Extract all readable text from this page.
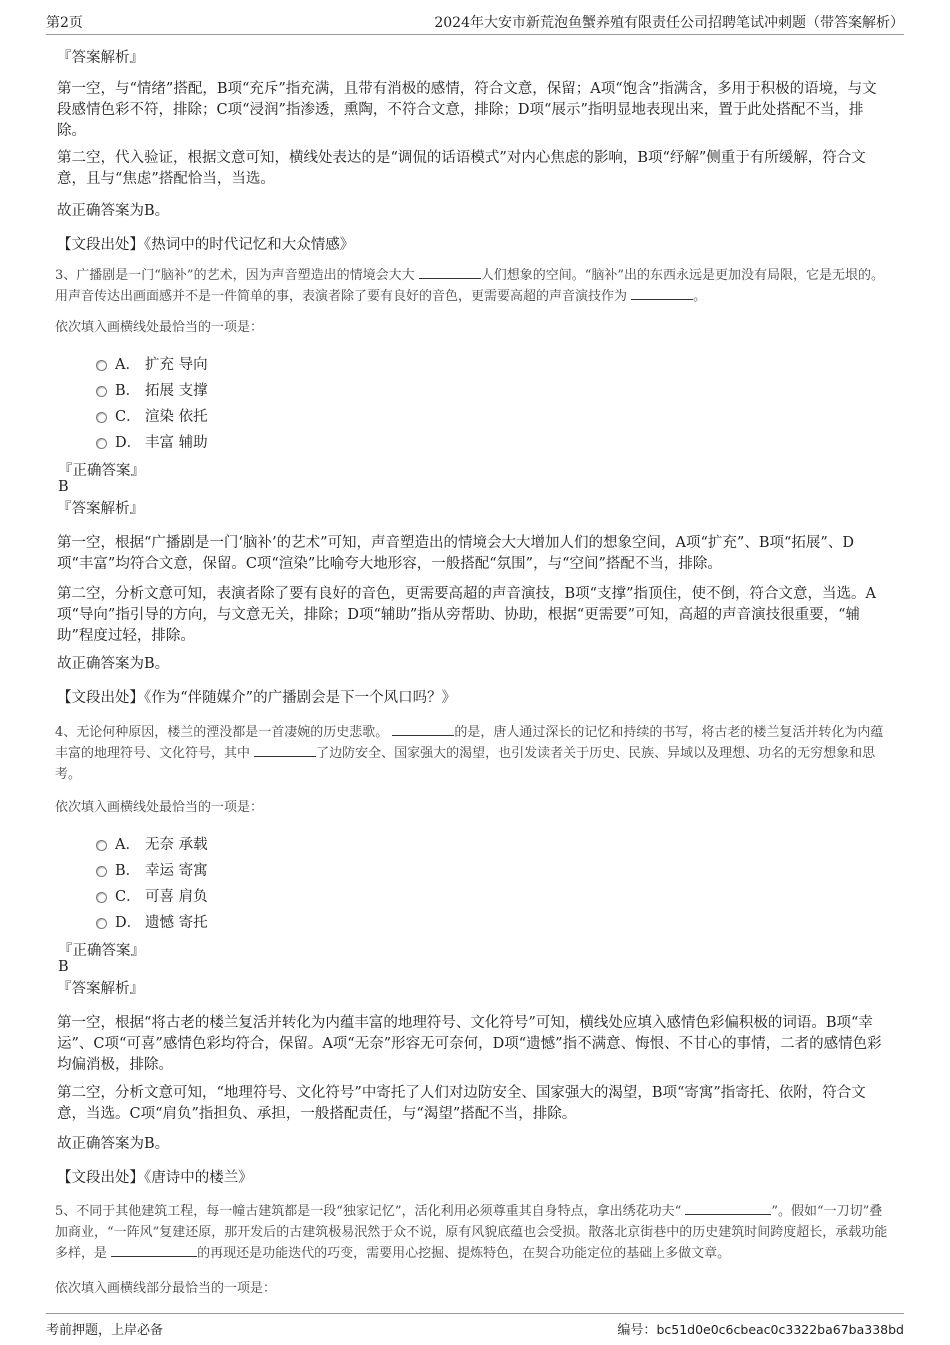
第2页	2024年大安市新荒泡鱼蟹养殖有限责任公司招聘笔试冲刺题（带答案解析）
『答案解析』

第一空，与“情绪”搭配，B项“充斥”指充满，且带有消极的感情，符合文意，保留；A项“饱含”指满含，多用于积极的语境，与文段感情色彩不符，排除；C项“浸润”指渗透，熏陶，不符合文意，排除；D项“展示”指明显地表现出来，置于此处搭配不当，排除。

第二空，代入验证，根据文意可知，横线处表达的是“调侃的话语模式”对内心焦虑的影响，B项“纾解”侧重于有所缓解，符合文意，且与“焦虑”搭配恰当，当选。

故正确答案为B。

【文段出处】《热词中的时代记忆和大众情感》

3、广播剧是一门“脑补”的艺术，因为声音塑造出的情境会大大	人们想象的空间。“脑补”出的东西永远是更加没有局限，它是无垠的。用声音传达出画面感并不是一件简单的事，表演者除了要有良好的音色，更需要高超的声音演技作为	。

依次填入画横线处最恰当的一项是：

A． 扩充 导向
B． 拓展 支撑
C． 渲染 依托
D． 丰富 辅助
『正确答案』
B
『答案解析』

第一空，根据“广播剧是一门‘脑补’的艺术”可知，声音塑造出的情境会大大增加人们的想象空间，A项“扩充”、B项“拓展”、D项“丰富”均符合文意，保留。C项“渲染”比喻夸大地形容，一般搭配“氛围”，与“空间”搭配不当，排除。

第二空，分析文意可知，表演者除了要有良好的音色，更需要高超的声音演技，B项“支撑”指顶住，使不倒，符合文意，当选。A项“导向”指引导的方向，与文意无关，排除；D项“辅助”指从旁帮助、协助，根据“更需要”可知，高超的声音演技很重要，“辅助”程度过轻，排除。

故正确答案为B。

【文段出处】《作为“伴随媒介”的广播剧会是下一个风口吗？》

4、无论何种原因，楼兰的湮没都是一首凄婉的历史悲歌。	的是，唐人通过深长的记忆和持续的书写，将古老的楼兰复活并转化为内蕴丰富的地理符号、文化符号，其中	了边防安全、国家强大的渴望，也引发读者关于历史、民族、异域以及理想、功名的无穷想象和思考。

依次填入画横线处最恰当的一项是：

A． 无奈 承载
B． 幸运 寄寓
C． 可喜 肩负
D． 遗憾 寄托
『正确答案』
B
『答案解析』

第一空，根据“将古老的楼兰复活并转化为内蕴丰富的地理符号、文化符号”可知，横线处应填入感情色彩偏积极的词语。B项“幸运”、C项“可喜”感情色彩均符合，保留。A项“无奈”形容无可奈何，D项“遗憾”指不满意、悔恨、不甘心的事情，二者的感情色彩均偏消极，排除。

第二空，分析文意可知，“地理符号、文化符号”中寄托了人们对边防安全、国家强大的渴望，B项“寄寓”指寄托、依附，符合文意，当选。C项“肩负”指担负、承担，一般搭配责任，与“渴望”搭配不当，排除。

故正确答案为B。

【文段出处】《唐诗中的楼兰》

5、不同于其他建筑工程，每一幢古建筑都是一段“独家记忆”，活化利用必须尊重其自身特点，拿出绣花功夫“	”。假如“一刀切”叠加商业，“一阵风”复建还原，那开发后的古建筑极易泯然于众不说，原有风貌底蕴也会受损。散落北京街巷中的历史建筑时间跨度超长，承载功能多样，是	的再现还是功能迭代的巧变，需要用心挖掘、提炼特色，在契合功能定位的基础上多做文章。

依次填入画横线部分最恰当的一项是：

考前押题，上岸必备	编号：bc51d0e0c6cbeac0c3322ba67ba338bd
